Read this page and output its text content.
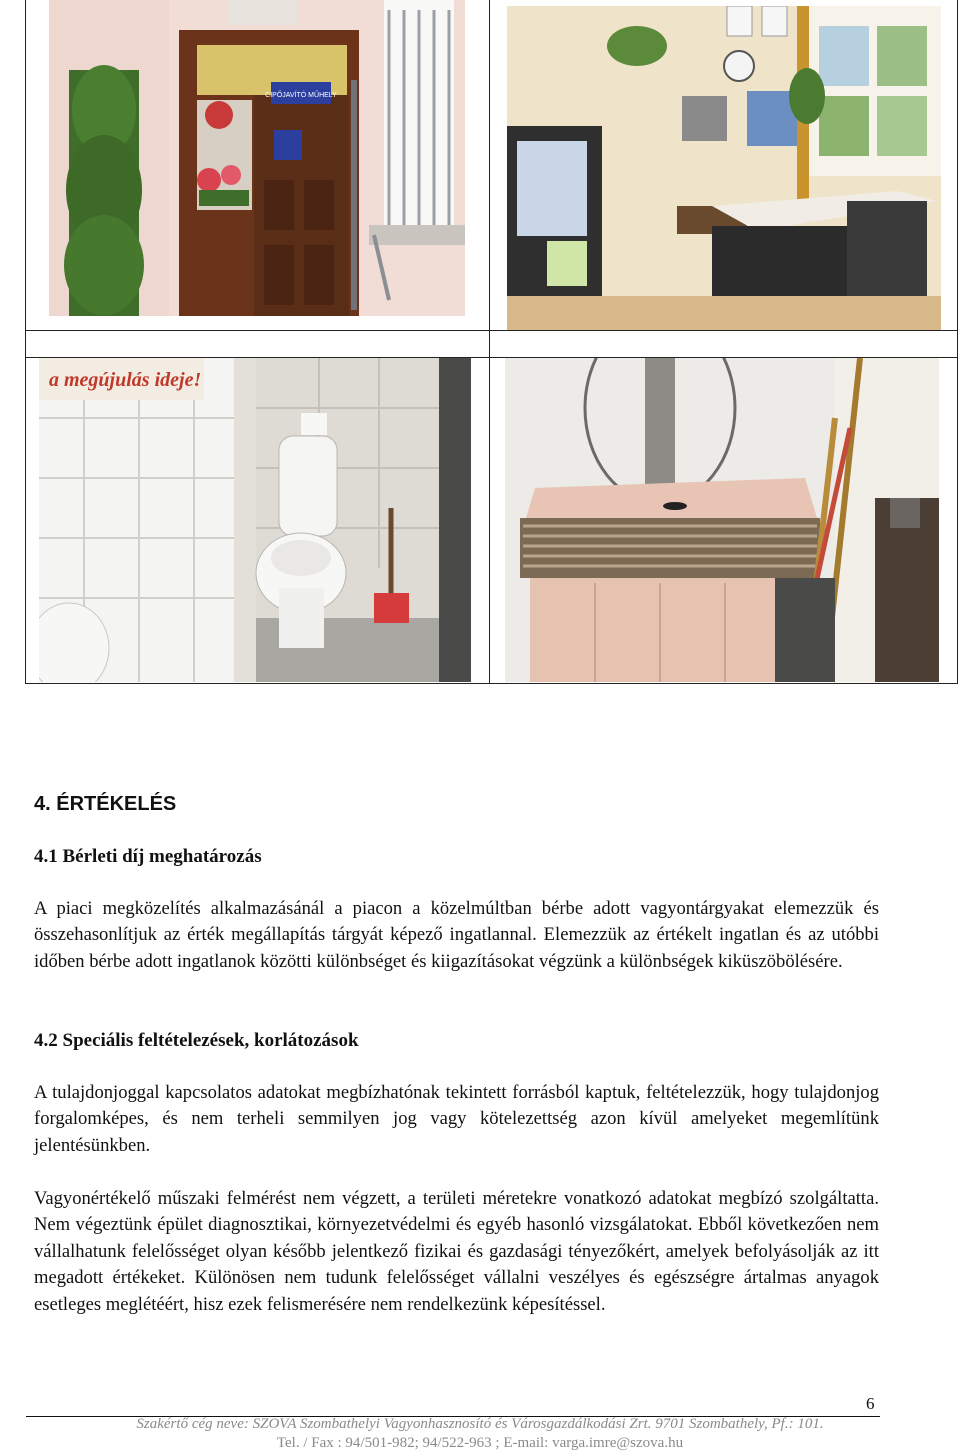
CIPŐJAVÍTÓ MŰHELY
a megújulás ideje!
4. ÉRTÉKELÉS
4.1 Bérleti díj meghatározás

A piaci megközelítés alkalmazásánál a piacon a közelmúltban bérbe adott vagyontárgyakat elemezzük és összehasonlítjuk az érték megállapítás tárgyát képező ingatlannal. Elemezzük az értékelt ingatlan és az utóbbi időben bérbe adott ingatlanok közötti különbséget és kiigazításokat végzünk a különbségek kiküszöbölésére.

4.2 Speciális feltételezések, korlátozások

A tulajdonjoggal kapcsolatos adatokat megbízhatónak tekintett forrásból kaptuk, feltételezzük, hogy tulajdonjog forgalomképes, és nem terheli semmilyen jog vagy kötelezettség azon kívül amelyeket megemlítünk jelentésünkben.

Vagyonértékelő műszaki felmérést nem végzett, a területi méretekre vonatkozó adatokat megbízó szolgáltatta. Nem végeztünk épület diagnosztikai, környezetvédelmi és egyéb hasonló vizsgálatokat. Ebből következően nem vállalhatunk felelősséget olyan később jelentkező fizikai és gazdasági tényezőkért, amelyek befolyásolják az itt megadott értékeket. Különösen nem tudunk felelősséget vállalni veszélyes és egészségre ártalmas anyagok esetleges meglétéért, hisz ezek felismerésére nem rendelkezünk képesítéssel.

6
Szakértő cég neve: SZOVA Szombathelyi Vagyonhasznosító és Városgazdálkodási Zrt. 9701 Szombathely, Pf.: 101.
Tel. / Fax : 94/501-982; 94/522-963 ; E-mail: varga.imre@szova.hu
